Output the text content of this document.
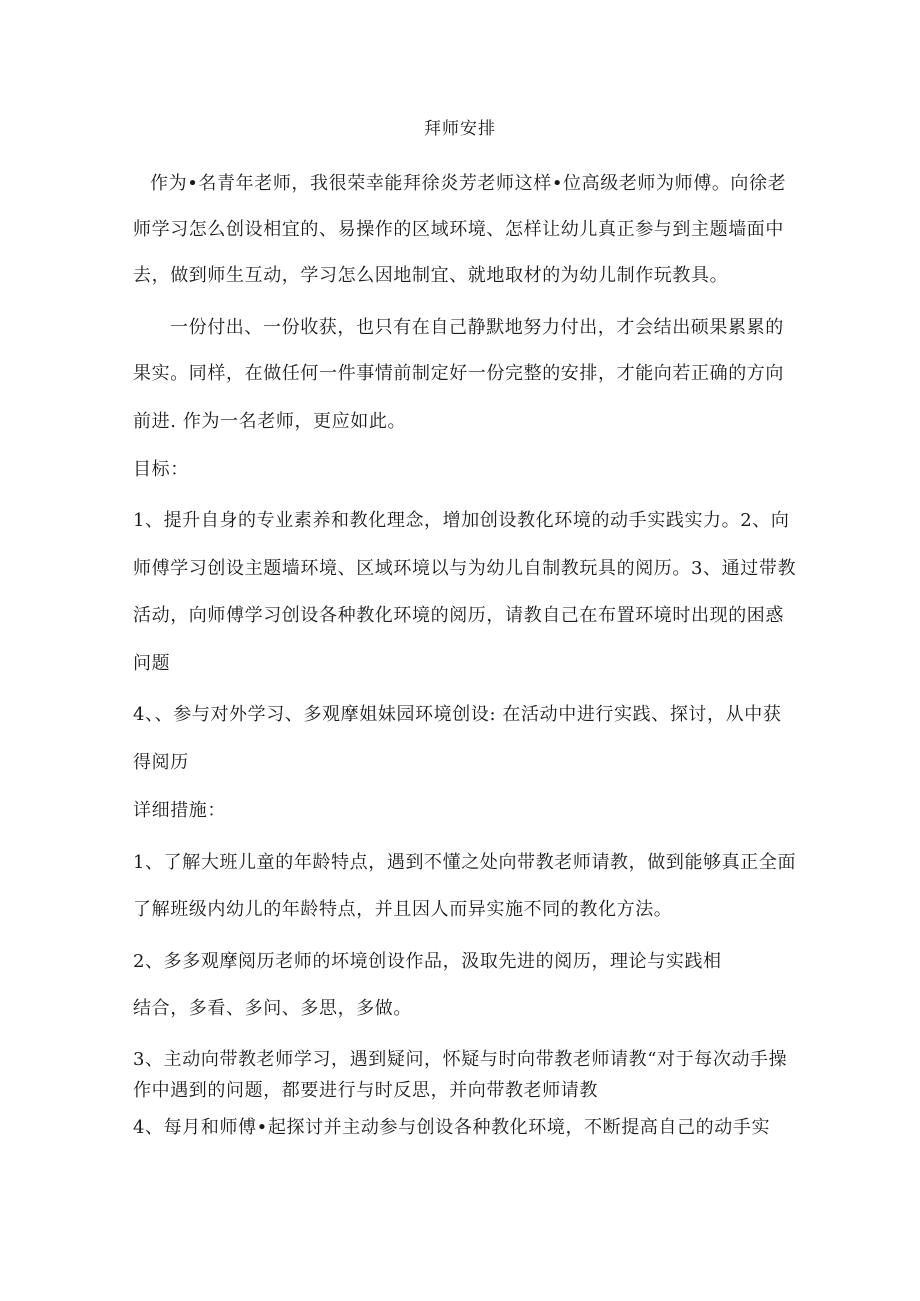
拜师安排
作为•名青年老师，我很荣幸能拜徐炎芳老师这样•位高级老师为师傅。向徐老
师学习怎么创设相宜的、易操作的区域环境、怎样让幼儿真正参与到主题墙面中
去，做到师生互动，学习怎么因地制宜、就地取材的为幼儿制作玩教具。
一份付出、一份收获，也只有在自己静默地努力付出，才会结出硕果累累的
果实。同样，在做任何一件事情前制定好一份完整的安排，才能向若正确的方向
前进. 作为一名老师，更应如此。
目标：
1、提升自身的专业素养和教化理念，增加创设教化环境的动手实践实力。2、向
师傅学习创设主题墙环境、区域环境以与为幼儿自制教玩具的阅历。3、通过带教
活动，向师傅学习创设各种教化环境的阅历，请教自己在布置环境时出现的困惑
问题
4、、参与对外学习、多观摩姐妹园环境创设: 在活动中进行实践、探讨，从中获
得阅历
详细措施：
1、了解大班儿童的年龄特点，遇到不懂之处向带教老师请教，做到能够真正全面
了解班级内幼儿的年龄特点，并且因人而异实施不同的教化方法。
2、多多观摩阅历老师的坏境创设作品，汲取先进的阅历，理论与实践相
结合，多看、多问、多思，多做。
3、主动向带教老师学习，遇到疑问，怀疑与时向带教老师请教“对于每次动手操
作中遇到的问题，都要进行与时反思，并向带教老师请教
4、每月和师傅•起探讨并主动参与创设各种教化环境，不断提高自己的动手实
